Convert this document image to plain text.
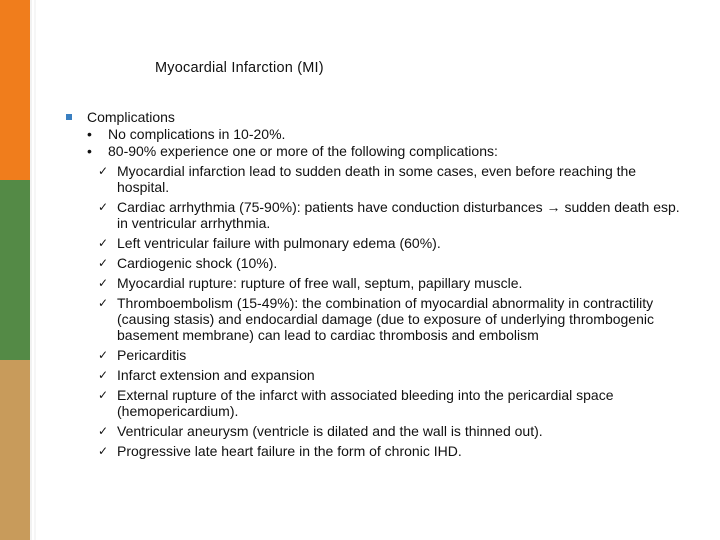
Myocardial Infarction (MI)
Complications
• No complications in 10-20%.
• 80-90% experience one or more of the following complications:
✓ Myocardial infarction lead to sudden death in some cases, even before reaching the hospital.
✓ Cardiac arrhythmia (75-90%): patients have conduction disturbances → sudden death esp. in ventricular arrhythmia.
✓ Left ventricular failure with pulmonary edema (60%).
✓ Cardiogenic shock (10%).
✓ Myocardial rupture: rupture of free wall, septum, papillary muscle.
✓ Thromboembolism (15-49%): the combination of myocardial abnormality in contractility (causing stasis) and endocardial damage (due to exposure of underlying thrombogenic basement membrane) can lead to cardiac thrombosis and embolism
✓ Pericarditis
✓ Infarct extension and expansion
✓ External rupture of the infarct with associated bleeding into the pericardial space (hemopericardium).
✓ Ventricular aneurysm (ventricle is dilated and the wall is thinned out).
✓ Progressive late heart failure in the form of chronic IHD.
